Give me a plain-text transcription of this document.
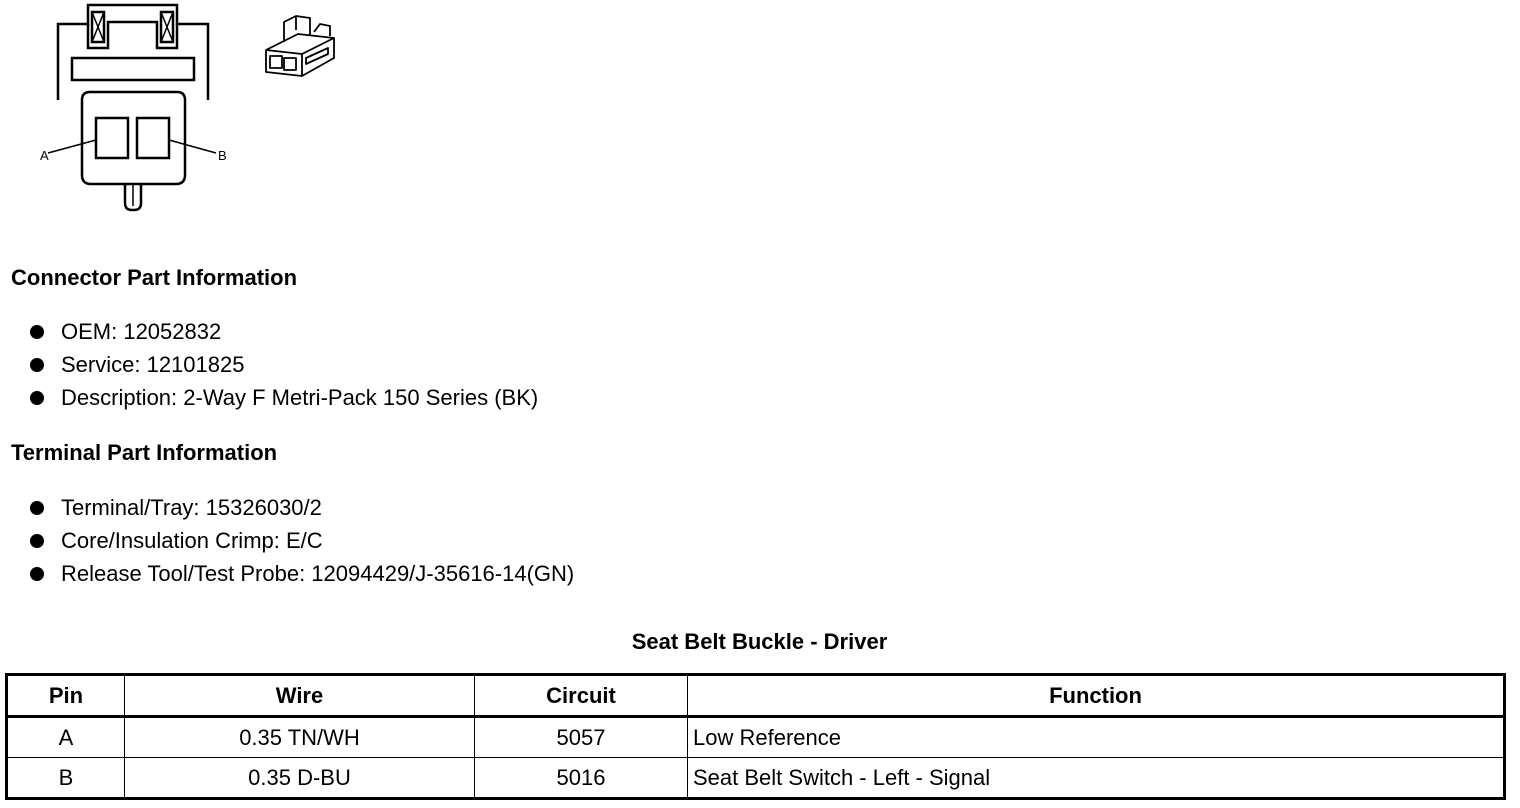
A	B
Connector Part Information
OEM: 12052832
Service: 12101825
Description: 2-Way F Metri-Pack 150 Series (BK)
Terminal Part Information
Terminal/Tray: 15326030/2
Core/Insulation Crimp: E/C
Release Tool/Test Probe: 12094429/J-35616-14(GN)
Seat Belt Buckle - Driver
Pin	Wire	Circuit	Function
A	0.35 TN/WH	5057	Low Reference
B	0.35 D-BU	5016	Seat Belt Switch - Left - Signal
